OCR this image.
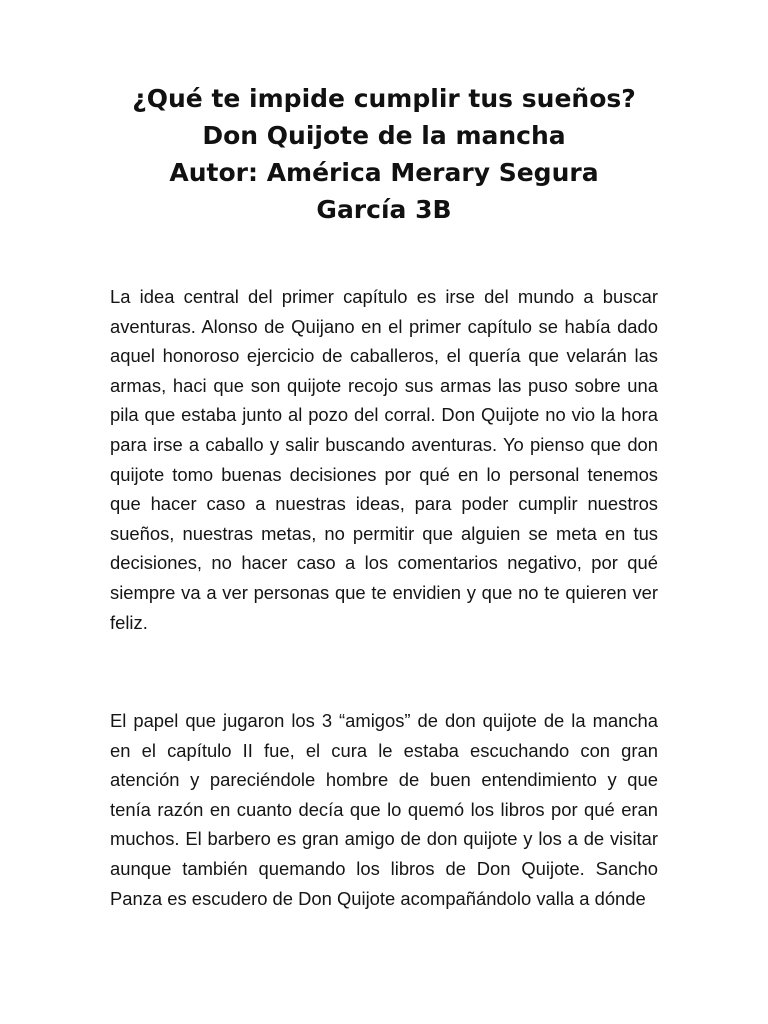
¿Qué te impide cumplir tus sueños?
Don Quijote de la mancha
Autor: América Merary Segura
García 3B

La idea central del primer capítulo es irse del mundo a buscar aventuras. Alonso de Quijano en el primer capítulo se había dado aquel honoroso ejercicio de caballeros, el quería que velarán las armas, haci que son quijote recojo sus armas las puso sobre una pila que estaba junto al pozo del corral. Don Quijote no vio la hora para irse a caballo y salir buscando aventuras. Yo pienso que don quijote tomo buenas decisiones por qué en lo personal tenemos que hacer caso a nuestras ideas, para poder cumplir nuestros sueños, nuestras metas, no permitir que alguien se meta en tus decisiones, no hacer caso a los comentarios negativo, por qué siempre va a ver personas que te envidien y que no te quieren ver feliz.

El papel que jugaron los 3 “amigos” de don quijote de la mancha en el capítulo II fue, el cura le estaba escuchando con gran atención y pareciéndole hombre de buen entendimiento y que tenía razón en cuanto decía que lo quemó los libros por qué eran muchos. El barbero es gran amigo de don quijote y los a de visitar aunque también quemando los libros de Don Quijote. Sancho Panza es escudero de Don Quijote acompañándolo valla a dónde
